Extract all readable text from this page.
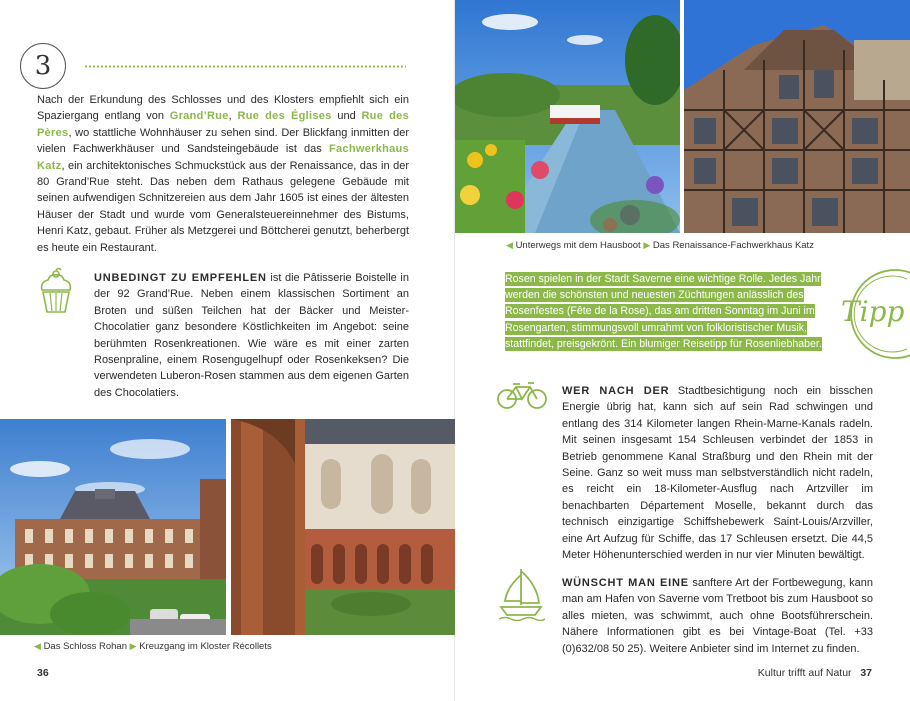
3

Nach der Erkundung des Schlosses und des Klosters empfiehlt sich ein Spaziergang entlang von Grand’Rue, Rue des Églises und Rue des Pères, wo stattliche Wohnhäuser zu sehen sind. Der Blickfang inmitten der vielen Fachwerkhäuser und Sandsteingebäude ist das Fachwerkhaus Katz, ein architektonisches Schmuckstück aus der Renaissance, das in der 80 Grand’Rue steht. Das neben dem Rathaus gelegene Gebäude mit seinen aufwendigen Schnitzereien aus dem Jahr 1605 ist eines der ältesten Häuser der Stadt und wurde vom Generalsteuereinnehmer des Bistums, Henri Katz, gebaut. Früher als Metzgerei und Böttcherei genutzt, beherbergt es heute ein Restaurant.

UNBEDINGT ZU EMPFEHLEN ist die Pâtisserie Boistelle in der 92 Grand’Rue. Neben einem klassischen Sortiment an Broten und süßen Teilchen hat der Bäcker und Meister-Chocolatier ganz besondere Köstlichkeiten im Angebot: seine berühmten Rosenkreationen. Wie wäre es mit einer zarten Rosenpraline, einem Rosengugelhupf oder Rosenkeksen? Die verwendeten Luberon-Rosen stammen aus dem eigenen Garten des Chocolatiers.

◀ Das Schloss Rohan ▶ Kreuzgang im Kloster Récollets
36
◀ Unterwegs mit dem Hausboot ▶ Das Renaissance-Fachwerkhaus Katz
Rosen spielen in der Stadt Saverne eine wichtige Rolle. Jedes Jahr werden die schönsten und neuesten Züchtungen anlässlich des Rosenfestes (Fête de la Rose), das am dritten Sonntag im Juni im Rosengarten, stimmungsvoll umrahmt von folkloristischer Musik, stattfindet, preisgekrönt. Ein blumiger Reisetipp für Rosenliebhaber.
Tipp

WER NACH DER Stadtbesichtigung noch ein bisschen Energie übrig hat, kann sich auf sein Rad schwingen und entlang des 314 Kilometer langen Rhein-Marne-Kanals radeln. Mit seinen insgesamt 154 Schleusen verbindet der 1853 in Betrieb genommene Kanal Straßburg und den Rhein mit der Seine. Ganz so weit muss man selbstverständlich nicht radeln, es reicht ein 18-Kilometer-Ausflug nach Artzviller im benachbarten Département Moselle, bekannt durch das technisch einzigartige Schiffshebewerk Saint-Louis/Arzviller, eine Art Aufzug für Schiffe, das 17 Schleusen ersetzt. Die 44,5 Meter Höhenunterschied werden in nur vier Minuten bewältigt.

WÜNSCHT MAN EINE sanftere Art der Fortbewegung, kann man am Hafen von Saverne vom Tretboot bis zum Hausboot so alles mieten, was schwimmt, auch ohne Bootsführerschein. Nähere Informationen gibt es bei Vintage-Boat (Tel. +33 (0)632/08 50 25). Weitere Anbieter sind im Internet zu finden.

Kultur trifft auf Natur 37
